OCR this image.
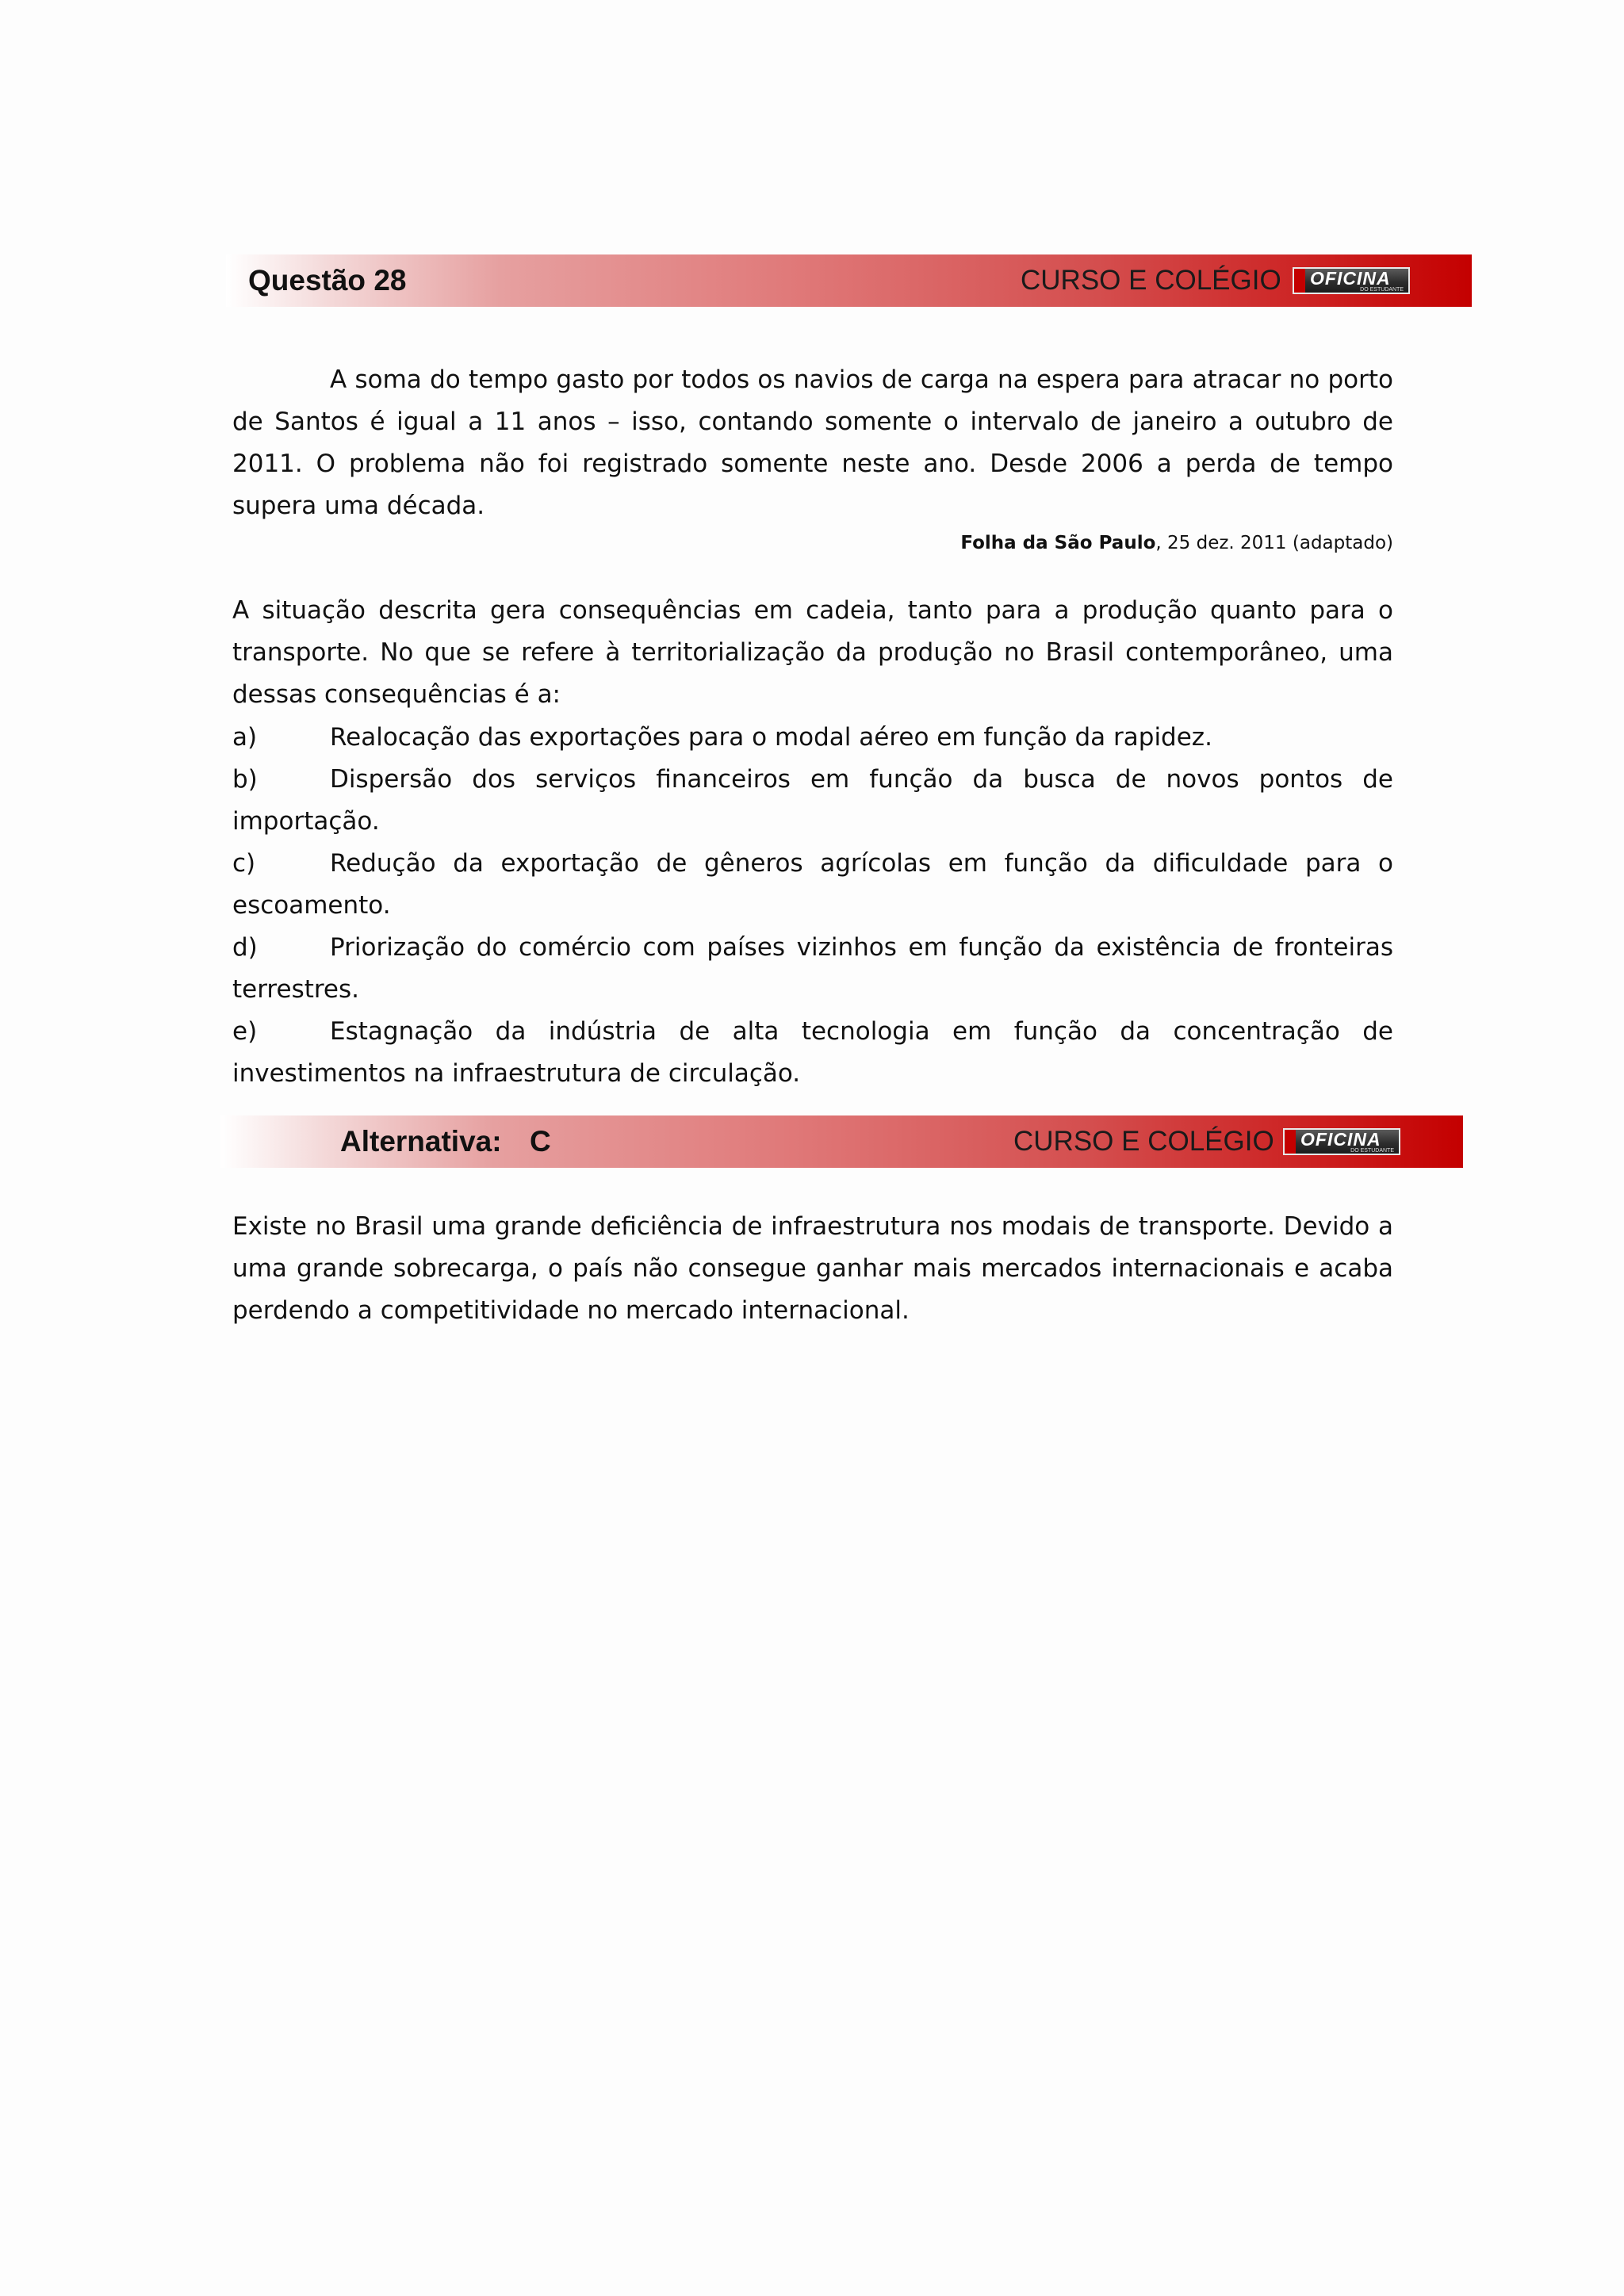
Questão 28	CURSO E COLÉGIO OFICINA
DO ESTUDANTE
A soma do tempo gasto por todos os navios de carga na espera para atracar no porto de Santos é igual a 11 anos – isso, contando somente o intervalo de janeiro a outubro de 2011. O problema não foi registrado somente neste ano. Desde 2006 a perda de tempo supera uma década.
Folha da São Paulo, 25 dez. 2011 (adaptado)
A situação descrita gera consequências em cadeia, tanto para a produção quanto para o transporte. No que se refere à territorialização da produção no Brasil contemporâneo, uma dessas consequências é a:
a)	Realocação das exportações para o modal aéreo em função da rapidez.
b)	Dispersão dos serviços financeiros em função da busca de novos pontos de importação.
c)	Redução da exportação de gêneros agrícolas em função da dificuldade para o escoamento.
d)	Priorização do comércio com países vizinhos em função da existência de fronteiras terrestres.
e)	Estagnação da indústria de alta tecnologia em função da concentração de investimentos na infraestrutura de circulação.
Alternativa: C	CURSO E COLÉGIO OFICINA
DO ESTUDANTE
Existe no Brasil uma grande deficiência de infraestrutura nos modais de transporte. Devido a uma grande sobrecarga, o país não consegue ganhar mais mercados internacionais e acaba perdendo a competitividade no mercado internacional.
